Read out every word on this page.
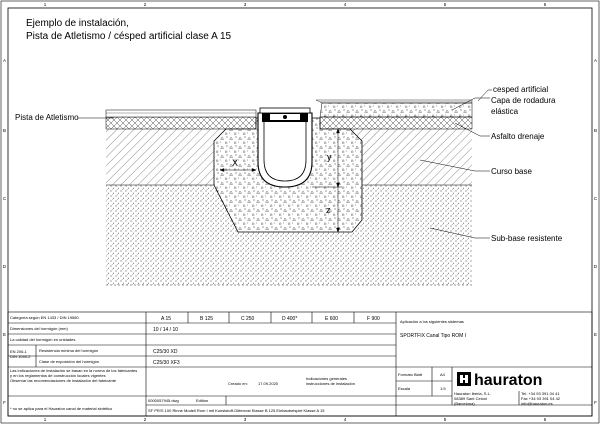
1	2	3	4	5	6
1	2	3	4	5	6
A
B
C
D
E
F
A
B
C
D
E
F
Ejemplo de instalación,
Pista de Atletismo / césped artificial clase A 15
X
y
z
Pista de Atletismo
cesped artificial
Capa de rodadura
elástica
Asfalto drenaje
Curso base
Sub-base resistente
Categoría según EN 1433 / DIN 19580	A 15	B 125	C 250	D 400*	E 600	F 900
Dimensiones del hormigón (mm)	10 / 14 / 10
La calidad del hormigón en unidades
EN 206-1
DIN 1045-2
Resistencia mínima del hormigón	C25/30 XD
Clase de exposición del hormigón	C25/30 XF3
Las indicaciones de instalación se basan en la norma de los fabricantes
y en los reglamentos de construcción locales vigentes
Observar las recomendaciones de instalación del fabricante
* no se aplica para el Hauraton canal de material sintético
Aplicación a los siguientes sistemas
SPORTFIX Canal Tipo ROM I
Creado en:	17.09.2020
Indicaciones generales
instrucciones de instalación
Formato Blatt	A4
Escala	1:5
0000057945.dwg	Edition
SF PR/S 100 Rinne Modell Rom I mit Kunststoff-Gitterrost Klasse B 125 Einbaubeispiel Klasse A 15
Hauraton Iberia, S.L.
08389 Sant Celoni
(Barcelona)
Tel. +34 93 391 04 41
Fax +34 93 391 04 42
info@hauraton.es
hauraton
